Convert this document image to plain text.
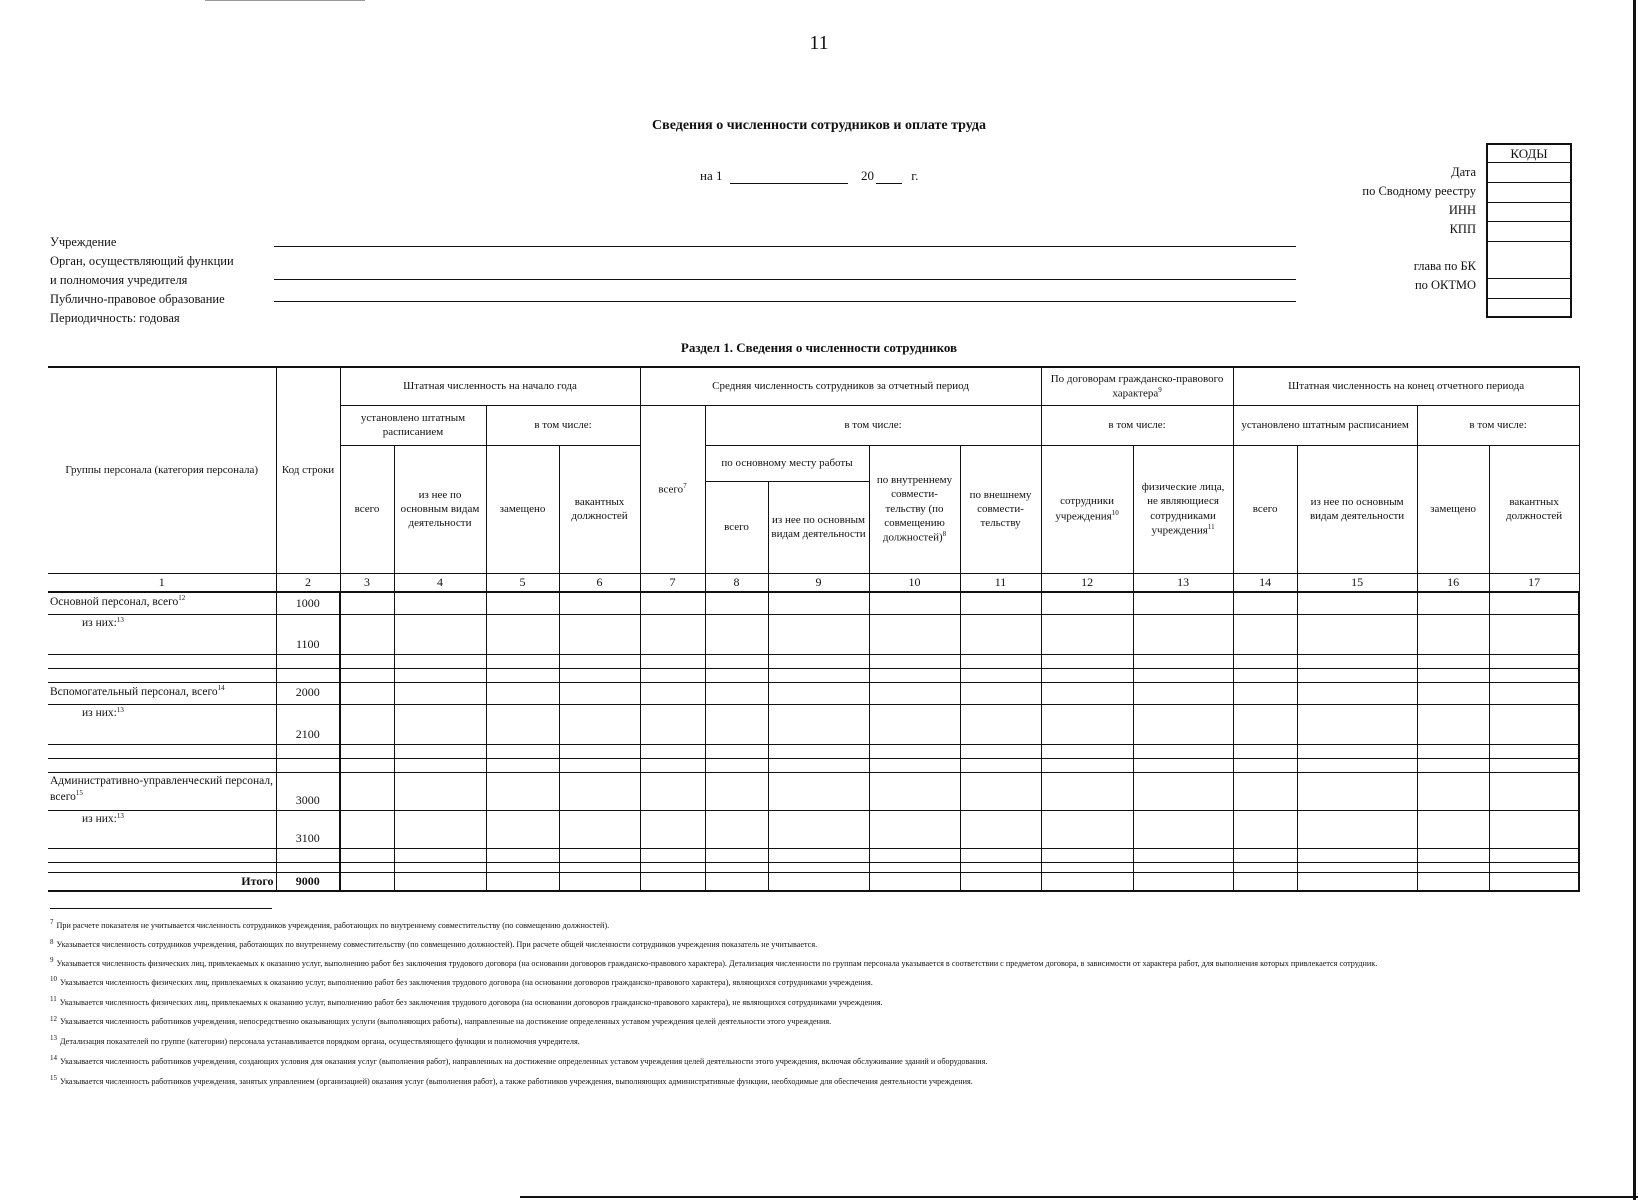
11
Сведения о численности сотрудников и оплате труда
на 1	20	г.	Дата
по Сводному реестру
ИНН
КПП
глава по БК
по ОКТМО
КОДЫ
Учреждение
Орган, осуществляющий функции
и полномочия учредителя
Публично-правовое образование
Периодичность: годовая
Раздел 1. Сведения о численности сотрудников
Группы персонала (категория персонала)	Код строки	Штатная численность на начало года				Средняя численность сотрудников за отчетный период					По договорам гражданско-правового характера$^9$		Штатная численность на конец отчетного периода			
		установлено штатным расписанием		в том числе:		всего$^7$	в том числе:				в том числе:		установлено штатным расписанием		в том числе:	
		всего	из нее по основным видам деятельности	замещено	вакантных должностей		по основному месту работы		по внутреннему совмести-тельству (по совмещению должностей)$^8$	по внешнему совмести-тельству	сотрудники учреждения$^{10}$	физические лица, не являющиеся сотрудниками учреждения$^{11}$	всего	из нее по основным видам деятельности	замещено	вакантных должностей
							всего	из нее по основным видам деятельности								
1	2	3	4	5	6	7	8	9	10	11	12	13	14	15	16	17
Основной персонал, всего$^{12}$	1000															
из них:$^{13}$	1100															

Вспомогательный персонал, всего$^{14}$	2000															
из них:$^{13}$	2100															

Административно-управленческий персонал, всего$^{15}$	3000															
из них:$^{13}$	3100															

Итого	9000															
$^7$ При расчете показателя не учитывается численность сотрудников учреждения, работающих по внутреннему совместительству (по совмещению должностей).
$^8$ Указывается численность сотрудников учреждения, работающих по внутреннему совместительству (по совмещению должностей). При расчете общей численности сотрудников учреждения показатель не учитывается.
$^9$ Указывается численность физических лиц, привлекаемых к оказанию услуг, выполнению работ без заключения трудового договора (на основании договоров гражданско-правового характера). Детализация численности по группам персонала указывается в соответствии с предметом договора, в зависимости от характера работ, для выполнения которых привлекается сотрудник.
$^{10}$ Указывается численность физических лиц, привлекаемых к оказанию услуг, выполнению работ без заключения трудового договора (на основании договоров гражданско-правового характера), являющихся сотрудниками учреждения.
$^{11}$ Указывается численность физических лиц, привлекаемых к оказанию услуг, выполнению работ без заключения трудового договора (на основании договоров гражданско-правового характера), не являющихся сотрудниками учреждения.
$^{12}$ Указывается численность работников учреждения, непосредственно оказывающих услуги (выполняющих работы), направленные на достижение определенных уставом учреждения целей деятельности этого учреждения.
$^{13}$ Детализация показателей по группе (категории) персонала устанавливается порядком органа, осуществляющего функции и полномочия учредителя.
$^{14}$ Указывается численность работников учреждения, создающих условия для оказания услуг (выполнения работ), направленных на достижение определенных уставом учреждения целей деятельности этого учреждения, включая обслуживание зданий и оборудования.
$^{15}$ Указывается численность работников учреждения, занятых управлением (организацией) оказания услуг (выполнения работ), а также работников учреждения, выполняющих административные функции, необходимые для обеспечения деятельности учреждения.
